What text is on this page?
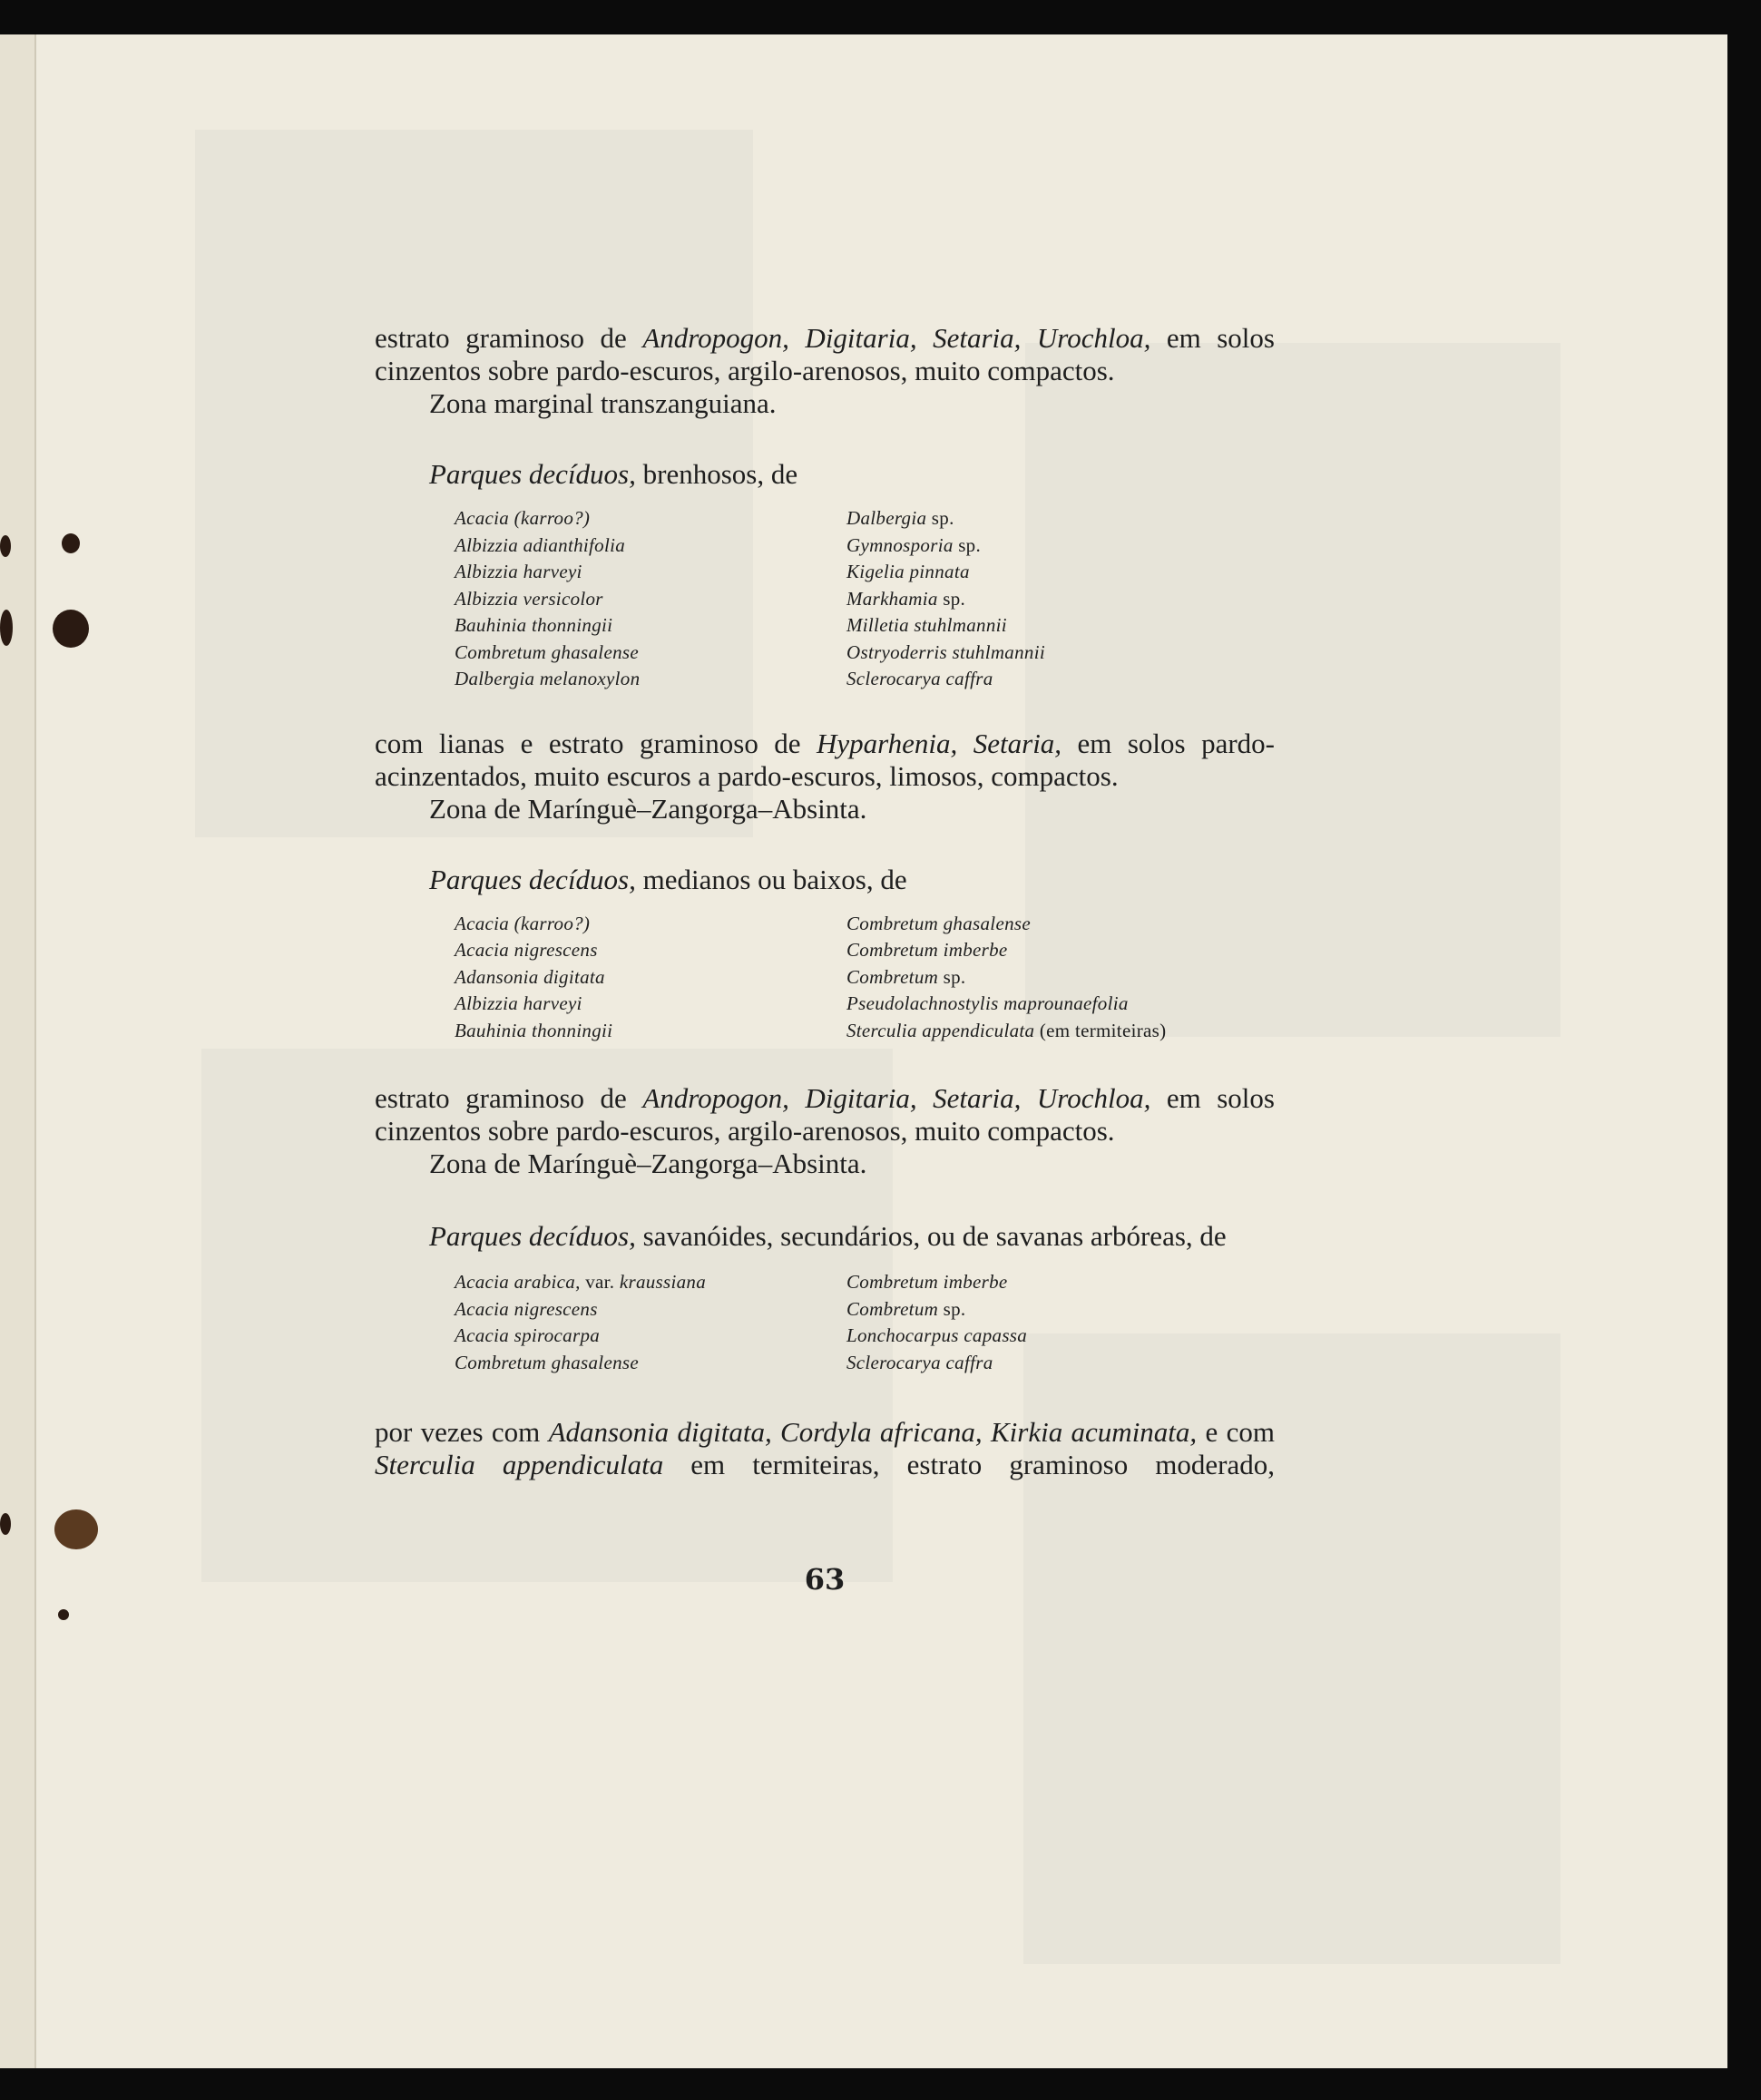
estrato graminoso de Andropogon, Digitaria, Setaria, Urochloa, em solos cinzentos sobre pardo-escuros, argilo-arenosos, muito compactos.

Zona marginal transzanguiana.

Parques decíduos, brenhosos, de

Acacia (karroo?)
Albizzia adianthifolia
Albizzia harveyi
Albizzia versicolor
Bauhinia thonningii
Combretum ghasalense
Dalbergia melanoxylon
Dalbergia sp.
Gymnosporia sp.
Kigelia pinnata
Markhamia sp.
Milletia stuhlmannii
Ostryoderris stuhlmannii
Sclerocarya caffra

com lianas e estrato graminoso de Hyparhenia, Setaria, em solos pardo-acinzentados, muito escuros a pardo-escuros, limosos, compactos.

Zona de Marínguè–Zangorga–Absinta.

Parques decíduos, medianos ou baixos, de

Acacia (karroo?)
Acacia nigrescens
Adansonia digitata
Albizzia harveyi
Bauhinia thonningii
Combretum ghasalense
Combretum imberbe
Combretum sp.
Pseudolachnostylis maprounaefolia
Sterculia appendiculata (em termiteiras)

estrato graminoso de Andropogon, Digitaria, Setaria, Urochloa, em solos cinzentos sobre pardo-escuros, argilo-arenosos, muito compactos.

Zona de Marínguè–Zangorga–Absinta.

Parques decíduos, savanóides, secundários, ou de savanas arbóreas, de

Acacia arabica, var. kraussiana
Acacia nigrescens
Acacia spirocarpa
Combretum ghasalense
Combretum imberbe
Combretum sp.
Lonchocarpus capassa
Sclerocarya caffra

por vezes com Adansonia digitata, Cordyla africana, Kirkia acuminata, e com Sterculia appendiculata em termiteiras, estrato graminoso moderado,

63
